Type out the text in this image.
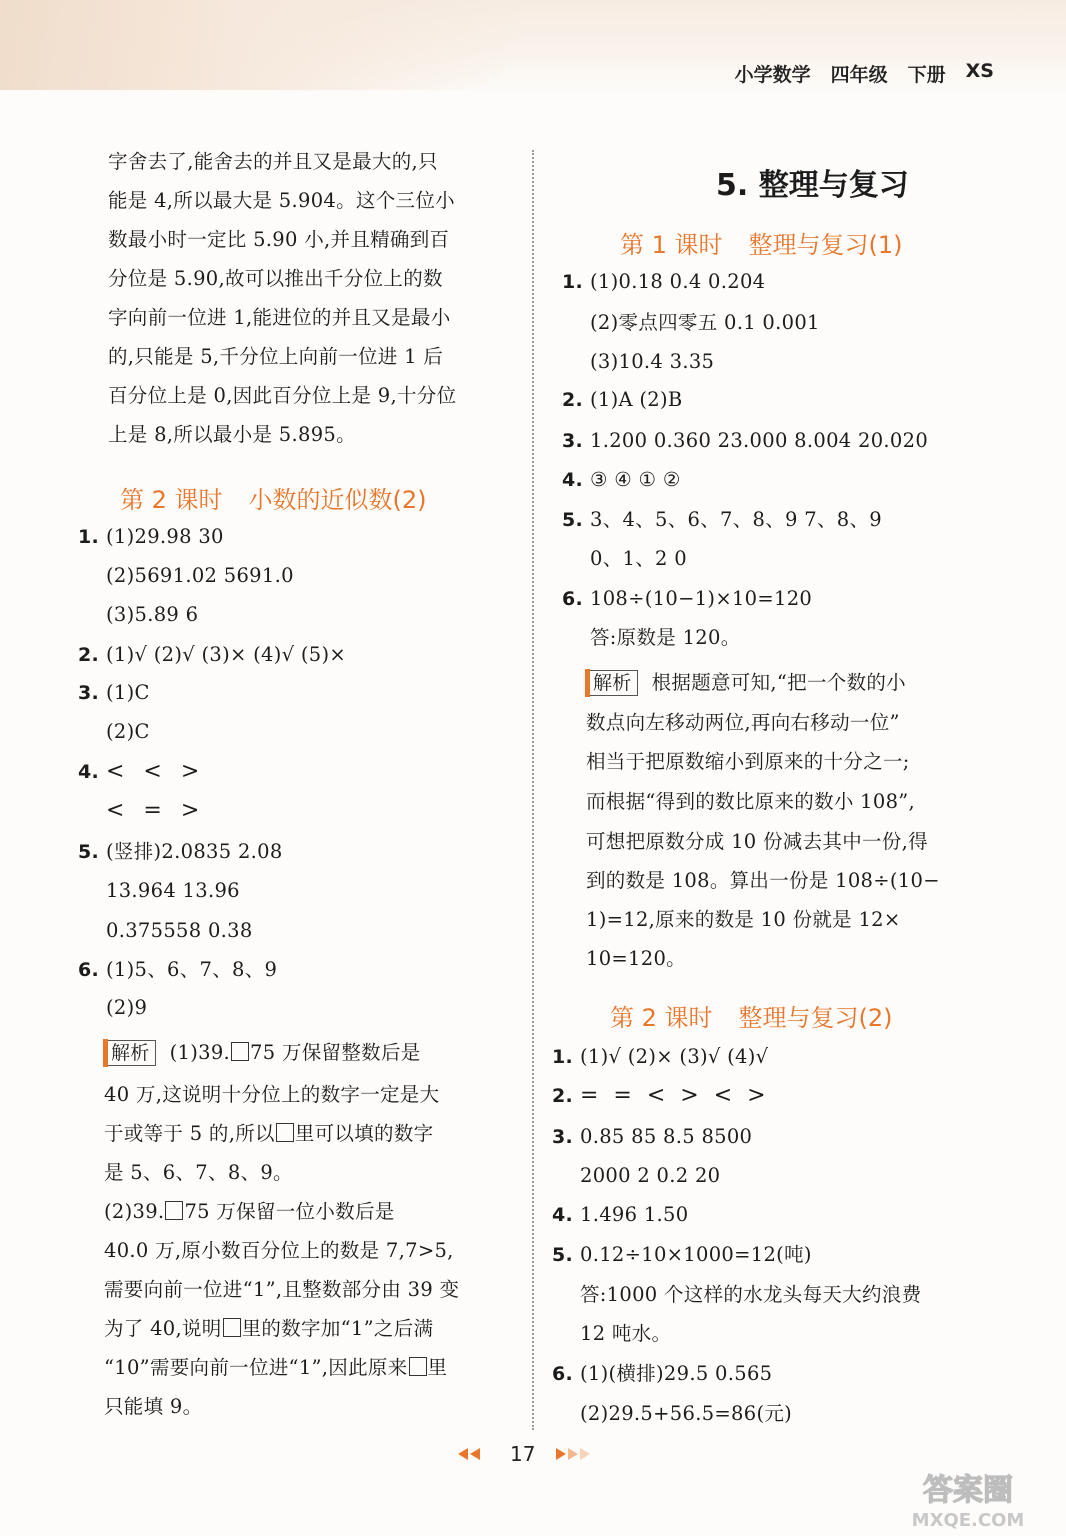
小学数学 四年级 下册 XS
字舍去了,能舍去的并且又是最大的,只
能是 4,所以最大是 5.904。这个三位小
数最小时一定比 5.90 小,并且精确到百
分位是 5.90,故可以推出千分位上的数
字向前一位进 1,能进位的并且又是最小
的,只能是 5,千分位上向前一位进 1 后
百分位上是 0,因此百分位上是 9,十分位
上是 8,所以最小是 5.895。
第 2 课时 小数的近似数(2)
1. (1)29.98 30
(2)5691.02 5691.0
(3)5.89 6
2. (1)√ (2)√ (3)× (4)√ (5)×
3. (1)C
(2)C
4. < < >
< = >
5. (竖排)2.0835 2.08
13.964 13.96
0.375558 0.38
6. (1)5、6、7、8、9
(2)9
解析 (1)39. 75 万保留整数后是
40 万,这说明十分位上的数字一定是大
于或等于 5 的,所以 里可以填的数字
是 5、6、7、8、9。
(2)39. 75 万保留一位小数后是
40.0 万,原小数百分位上的数是 7,7>5,
需要向前一位进“1”,且整数部分由 39 变
为了 40,说明 里的数字加“1”之后满
“10”需要向前一位进“1”,因此原来 里
只能填 9。
5. 整理与复习
第 1 课时 整理与复习(1)
1. (1)0.18 0.4 0.204
(2)零点四零五 0.1 0.001
(3)10.4 3.35
2. (1)A (2)B
3. 1.200 0.360 23.000 8.004 20.020
4. ③ ④ ① ②
5. 3、4、5、6、7、8、9 7、8、9
0、1、2 0
6. 108÷(10−1)×10=120
答:原数是 120。
解析 根据题意可知,“把一个数的小
数点向左移动两位,再向右移动一位”
相当于把原数缩小到原来的十分之一;
而根据“得到的数比原来的数小 108”,
可想把原数分成 10 份减去其中一份,得
到的数是 108。算出一份是 108÷(10−
1)=12,原来的数是 10 份就是 12×
10=120。
第 2 课时 整理与复习(2)
1. (1)√ (2)× (3)√ (4)√
2. = = < > < >
3. 0.85 85 8.5 8500
2000 2 0.2 20
4. 1.496 1.50
5. 0.12÷10×1000=12(吨)
答:1000 个这样的水龙头每天大约浪费
12 吨水。
6. (1)(横排)29.5 0.565
(2)29.5+56.5=86(元)
17
答案圈
MXQE.COM
